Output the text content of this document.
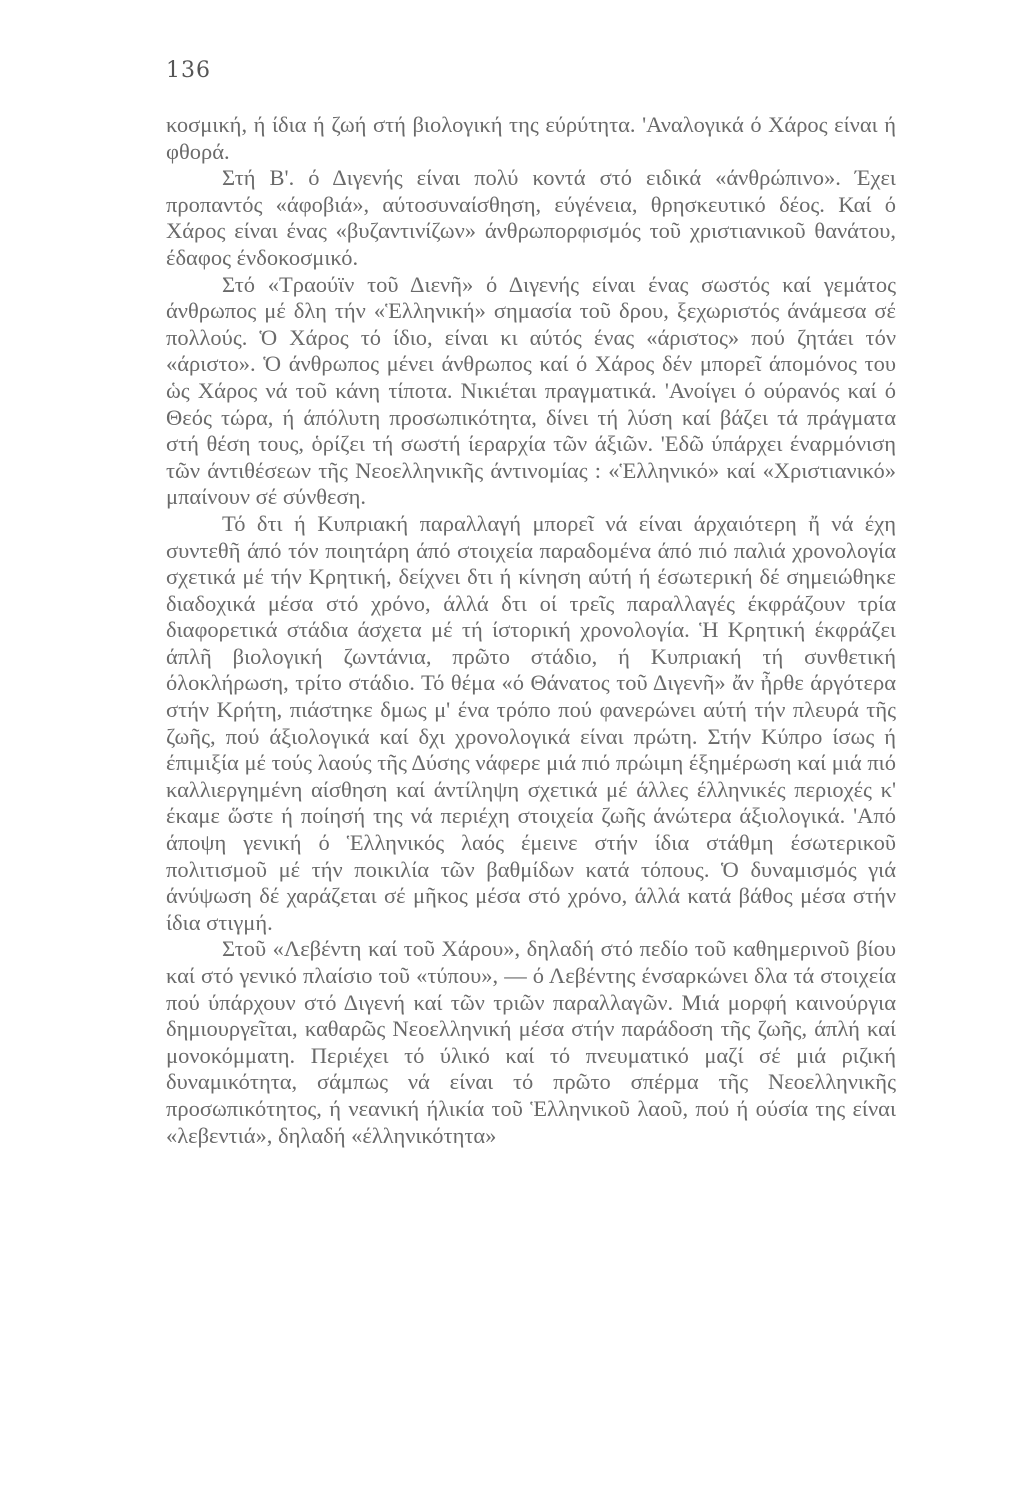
136

κοσμική, ή ίδια ή ζωή στή βιολογική της εύρύτητα. 'Αναλογικά ό Χάρος είναι ή φθορά.

Στή Β'. ό Διγενής είναι πολύ κοντά στό ειδικά «άνθρώπινο». Έχει προπαντός «άφοβιά», αύτοσυναίσθηση, εύγένεια, θρησκευτικό δέος. Καί ό Χάρος είναι ένας «βυζαντινίζων» άνθρωπορφισμός τοῦ χριστιανικοῦ θανάτου, έδαφος ένδοκοσμικό.

Στό «Τραούϊν τοῦ Διενῆ» ό Διγενής είναι ένας σωστός καί γεμάτος άνθρωπος μέ δλη τήν «Ἑλληνική» σημασία τοῦ δρου, ξεχωριστός άνάμεσα σέ πολλούς. Ὁ Χάρος τό ίδιο, είναι κι αύτός ένας «άριστος» πού ζητάει τόν «άριστο». Ὁ άνθρωπος μένει άνθρωπος καί ό Χάρος δέν μπορεῖ άπομόνος του ὡς Χάρος νά τοῦ κάνη τίποτα. Νικιέται πραγματικά. 'Ανοίγει ό ούρανός καί ό Θεός τώρα, ή άπόλυτη προσωπικότητα, δίνει τή λύση καί βάζει τά πράγματα στή θέση τους, ὁρίζει τή σωστή ίεραρχία τῶν άξιῶν. 'Εδῶ ύπάρχει έναρμόνιση τῶν άντιθέσεων τῆς Νεοελληνικῆς άντινομίας : «Ἑλληνικό» καί «Χριστιανικό» μπαίνουν σέ σύνθεση.

Τό δτι ή Κυπριακή παραλλαγή μπορεῖ νά είναι άρχαιότερη ἤ νά έχη συντεθῆ άπό τόν ποιητάρη άπό στοιχεία παραδομένα άπό πιό παλιά χρονολογία σχετικά μέ τήν Κρητική, δείχνει δτι ή κίνηση αύτή ή έσωτερική δέ σημειώθηκε διαδοχικά μέσα στό χρόνο, άλλά δτι οί τρεῖς παραλλαγές έκφράζουν τρία διαφορετικά στάδια άσχετα μέ τή ίστορική χρονολογία. Ἡ Κρητική έκφράζει άπλῆ βιολογική ζωντάνια, πρῶτο στάδιο, ή Κυπριακή τή συνθετική όλοκλήρωση, τρίτο στάδιο. Τό θέμα «ό Θάνατος τοῦ Διγενῆ» ἄν ἦρθε άργότερα στήν Κρήτη, πιάστηκε δμως μ' ένα τρόπο πού φανερώνει αύτή τήν πλευρά τῆς ζωῆς, πού άξιολογικά καί δχι χρονολογικά είναι πρώτη. Στήν Κύπρο ίσως ή έπιμιξία μέ τούς λαούς τῆς Δύσης νάφερε μιά πιό πρώιμη έξημέρωση καί μιά πιό καλλιεργημένη αίσθηση καί άντίληψη σχετικά μέ άλλες έλληνικές περιοχές κ' έκαμε ὥστε ή ποίησή της νά περιέχη στοιχεία ζωῆς άνώτερα άξιολογικά. 'Από άποψη γενική ό Ἑλληνικός λαός έμεινε στήν ίδια στάθμη έσωτερικοῦ πολιτισμοῦ μέ τήν ποικιλία τῶν βαθμίδων κατά τόπους. Ὁ δυναμισμός γιά άνύψωση δέ χαράζεται σέ μῆκος μέσα στό χρόνο, άλλά κατά βάθος μέσα στήν ίδια στιγμή.

Στοῦ «Λεβέντη καί τοῦ Χάρου», δηλαδή στό πεδίο τοῦ καθημερινοῦ βίου καί στό γενικό πλαίσιο τοῦ «τύπου», — ό Λεβέντης ένσαρκώνει δλα τά στοιχεία πού ύπάρχουν στό Διγενή καί τῶν τριῶν παραλλαγῶν. Μιά μορφή καινούργια δημιουργεῖται, καθαρῶς Νεοελληνική μέσα στήν παράδοση τῆς ζωῆς, άπλή καί μονοκόμματη. Περιέχει τό ύλικό καί τό πνευματικό μαζί σέ μιά ριζική δυναμικότητα, σάμπως νά είναι τό πρῶτο σπέρμα τῆς Νεοελληνικῆς προσωπικότητος, ή νεανική ήλικία τοῦ Ἑλληνικοῦ λαοῦ, πού ή ούσία της είναι «λεβεντιά», δηλαδή «έλληνικότητα»
